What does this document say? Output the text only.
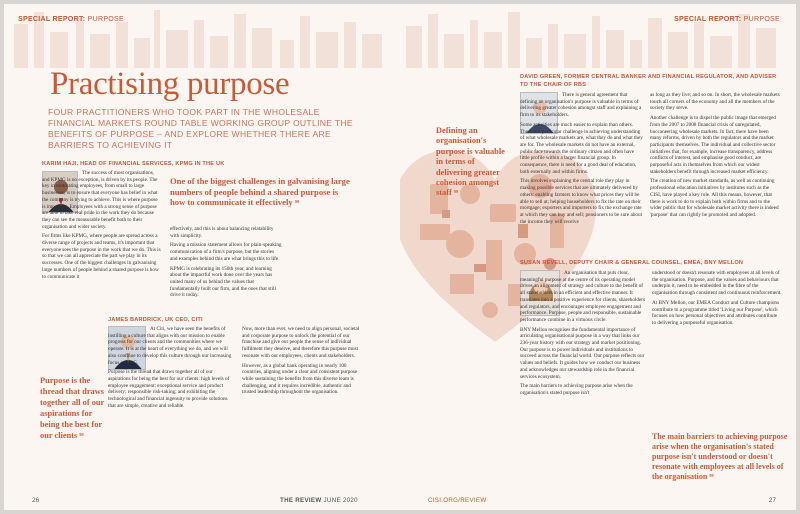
SPECIAL REPORT: PURPOSE
Practising purpose
FOUR PRACTITIONERS WHO TOOK PART IN THE WHOLESALE FINANCIAL MARKETS ROUND TABLE WORKING GROUP OUTLINE THE BENEFITS OF PURPOSE – AND EXPLORE WHETHER THERE ARE BARRIERS TO ACHIEVING IT
KARIM HAJI, HEAD OF FINANCIAL SERVICES, KPMG IN THE UK

The success of most organisations, and KPMG is no exception, is driven by its people. The key in motivating employees, from small to large businesses, is to ensure that everyone has belief in what the company is trying to achieve. This is where purpose is important. Employees with a strong sense of purpose are able to take real pride in the work they do because they can see the measurable benefit both to their organisation and wider society.

For firms like KPMG, where people are spread across a diverse range of projects and teams, it's important that everyone sees the purpose in the work that we do. This is so that we can all appreciate the part we play in its successes. One of the biggest challenges in galvanising large numbers of people behind a shared purpose is how to communicate it

One of the biggest challenges in galvanising large numbers of people behind a shared purpose is how to communicate it effectively ⁹⁹

effectively, and this is about balancing relatability with simplicity.

Having a mission statement allows for plain-speaking communication of a firm's purpose, but the stories and examples behind this are what brings this to life.

KPMG is celebrating its 150th year, and learning about the impactful work done over the years has united many of us behind the values that fundamentally built our firm, and the ones that still drive it today.

JAMES BARDRICK, UK CEO, CITI

At Citi, we have seen the benefits of instilling a culture that aligns with our mission to enable progress for our clients and the communities where we operate. It is at the heart of everything we do, and we will also continue to develop this culture through our increasing focus on ESG.

Purpose is the thread that draws together all of our aspirations for being the best for our clients: high levels of employee engagement; exceptional service and product delivery; responsible risk-taking; and exhibiting the technological and financial ingenuity to provide solutions that are simple, creative and reliable.

Now, more than ever, we need to align personal, societal and corporate purpose to unlock the potential of our franchise and give our people the sense of individual fulfilment they deserve, and therefore this purpose must resonate with our employees, clients and stakeholders.

However, as a global bank operating in nearly 100 countries, aligning under a clear and consistent purpose while sustaining the benefits from this diverse team is challenging, and it requires incredible, authentic and trusted leadership throughout the organisation.

Purpose is the thread that draws together all of our aspirations for being the best for our clients ⁹⁹
26	THE REVIEW JUNE 2020
SPECIAL REPORT: PURPOSE
DAVID GREEN, FORMER CENTRAL BANKER AND FINANCIAL REGULATOR, AND ADVISER TO THE CHAIR OF RBS

There is general agreement that defining an organisation's purpose is valuable in terms of delivering greater cohesion amongst staff and explaining a firm to its stakeholders.

Some activities are much easier to explain than others. There is a particular challenge in achieving understanding of what wholesale markets are, what they do and what they are for. The wholesale markets do not have an external, public face towards the ordinary citizen and often have little profile within a larger financial group. In consequence, there is need for a good deal of education, both externally and within firms.

This involves explaining the central role they play in making possible services that are ultimately delivered by others: enabling farmers to know what prices they will be able to sell at; helping householders to fix the rate on their mortgage; exporters and importers to fix the exchange rate at which they can buy and sell; pensioners to be sure about the income they will receive

as long as they live; and so on. In short, the wholesale markets touch all corners of the economy and all the members of the society they serve.

Another challenge is to dispel the public image that emerged from the 2007 to 2008 financial crisis of unregulated, buccaneering wholesale markets. In fact, there have been many reforms, driven by both the regulators and the market participants themselves. The individual and collective sector initiatives that, for example, increase transparency, address conflicts of interest, and emphasise good conduct, are purposeful acts in themselves from which our widest stakeholders benefit through increased market efficiency.

The creation of new market standards, as well as continuing professional education initiatives by institutes such as the CISI, have played a key role. All this means, however, that there is work to do to explain both within firms and to the wider public that for wholesale market activity there is indeed 'purpose' that can rightly be promoted and adopted.

Defining an organisation's purpose is valuable in terms of delivering greater cohesion amongst staff ⁹⁹
SUSAN REVELL, DEPUTY CHAIR & GENERAL COUNSEL, EMEA, BNY MELLON

An organisation that puts clear, meaningful purpose at the centre of its operating model drives an alignment of strategy and culture to the benefit of all stakeholders in an efficient and effective manner. It translates into a positive experience for clients, shareholders and regulators, and encourages employee engagement and performance. Purpose, people and responsible, sustainable performance combine in a virtuous circle.

BNY Mellon recognises the fundamental importance of articulating organisational purpose in a way that links our 236-year history with our strategy and market positioning. Our purpose is to power individuals and institutions to succeed across the financial world. Our purpose reflects our values and beliefs. It guides how we conduct our business and acknowledges our stewardship role in the financial services ecosystem.

The main barriers to achieving purpose arise when the organisation's stated purpose isn't

understood or doesn't resonate with employees at all levels of the organisation. Purpose, and the values and behaviours that underpin it, need to be embedded in the fibre of the organisation through consistent and continuous reinforcement.

At BNY Mellon, our EMEA Conduct and Culture champions contribute to a programme titled 'Living our Purpose', which focuses on how personal objectives and attributes contribute to delivering a purposeful organisation.

The main barriers to achieving purpose arise when the organisation's stated purpose isn't understood or doesn't resonate with employees at all levels of the organisation ⁹⁹
CISI.ORG/REVIEW	27
